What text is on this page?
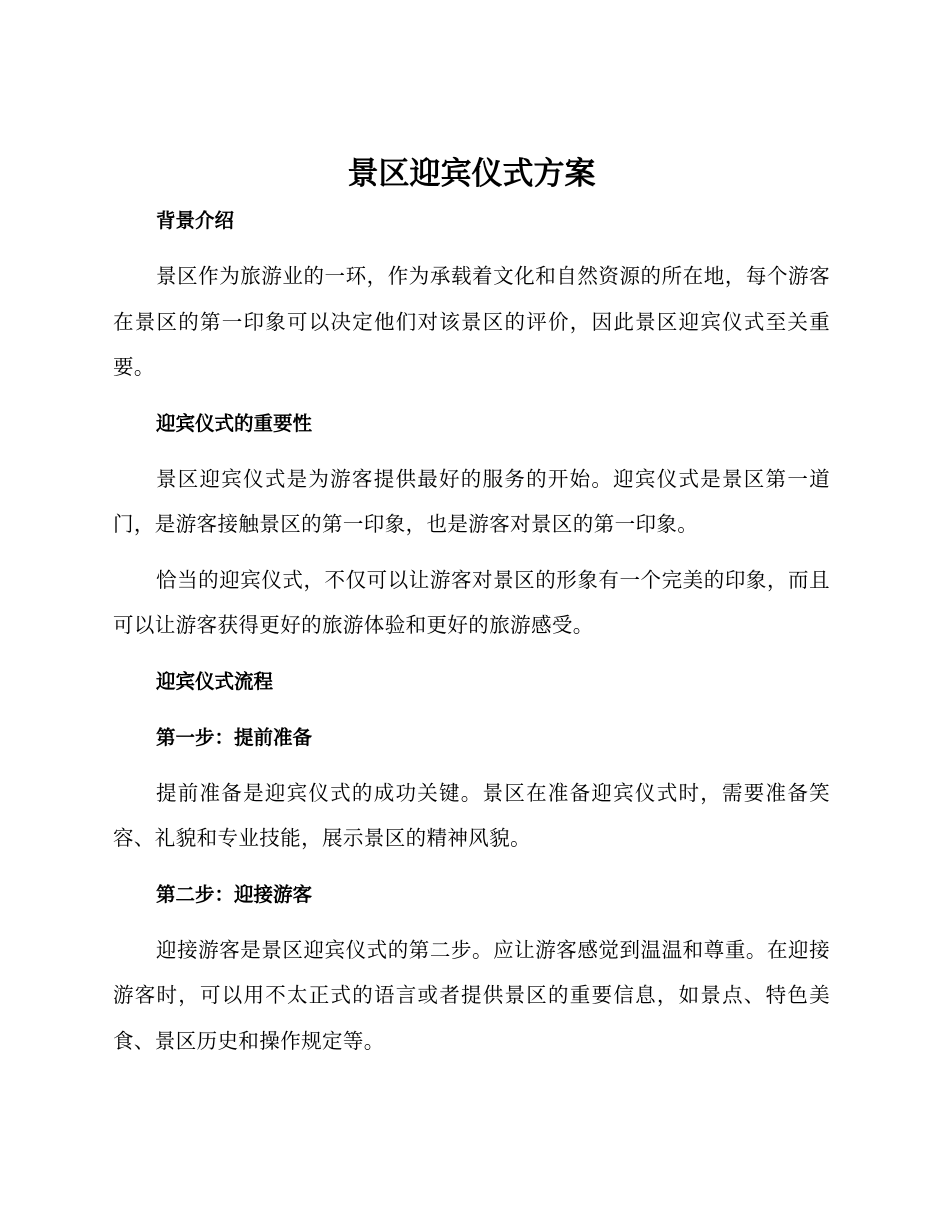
景区迎宾仪式方案
背景介绍

景区作为旅游业的一环，作为承载着文化和自然资源的所在地，每个游客在景区的第一印象可以决定他们对该景区的评价，因此景区迎宾仪式至关重要。

迎宾仪式的重要性

景区迎宾仪式是为游客提供最好的服务的开始。迎宾仪式是景区第一道门，是游客接触景区的第一印象，也是游客对景区的第一印象。

恰当的迎宾仪式，不仅可以让游客对景区的形象有一个完美的印象，而且可以让游客获得更好的旅游体验和更好的旅游感受。

迎宾仪式流程
第一步：提前准备

提前准备是迎宾仪式的成功关键。景区在准备迎宾仪式时，需要准备笑容、礼貌和专业技能，展示景区的精神风貌。

第二步：迎接游客

迎接游客是景区迎宾仪式的第二步。应让游客感觉到温温和尊重。在迎接游客时，可以用不太正式的语言或者提供景区的重要信息，如景点、特色美食、景区历史和操作规定等。
